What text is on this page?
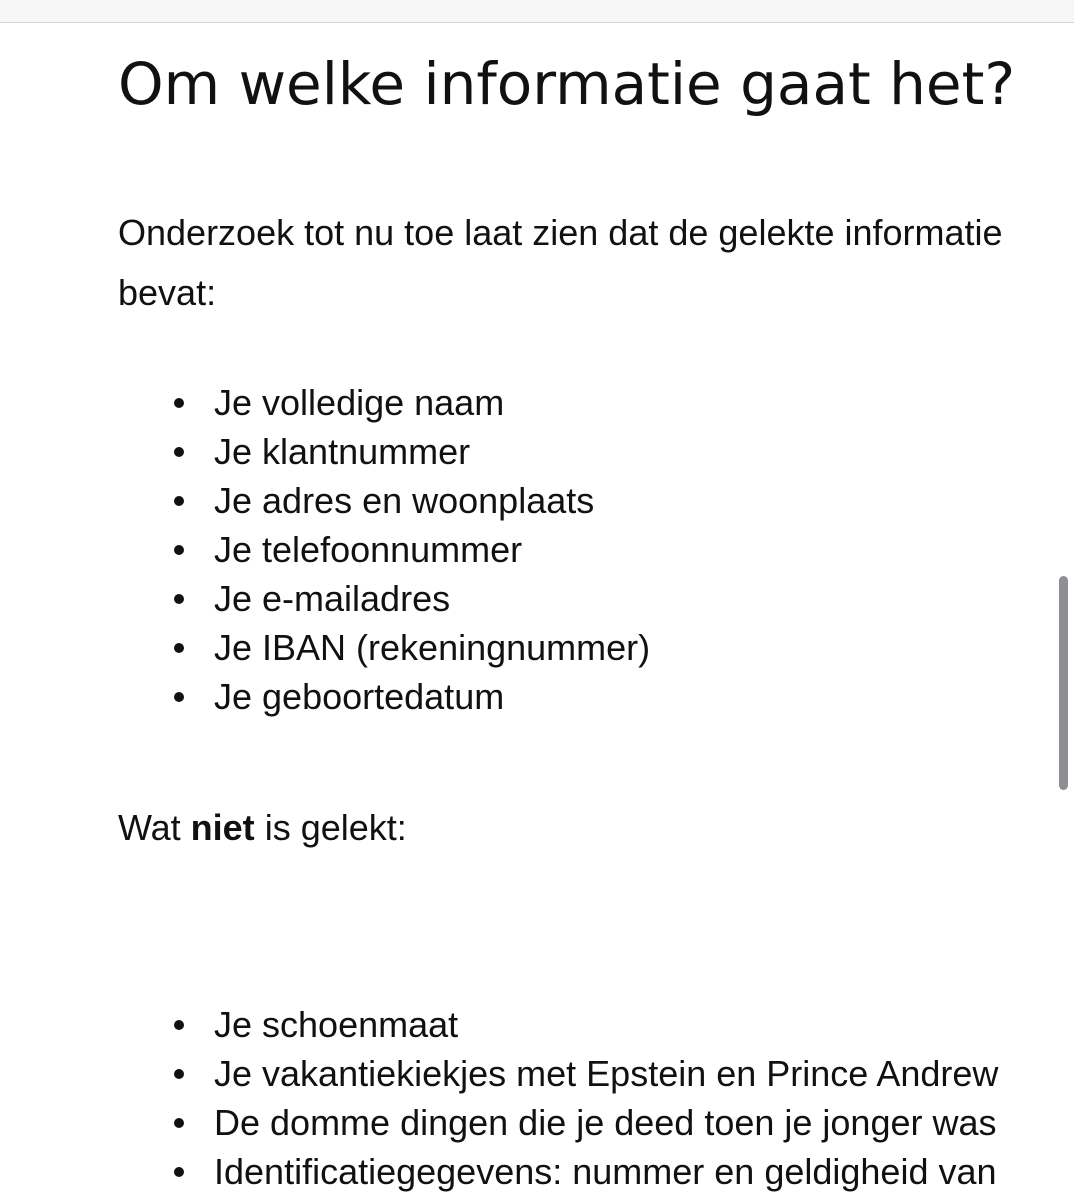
Om welke informatie gaat het?

Onderzoek tot nu toe laat zien dat de gelekte informatie

bevat:

Je volledige naam
Je klantnummer
Je adres en woonplaats
Je telefoonnummer
Je e-mailadres
Je IBAN (rekeningnummer)
Je geboortedatum

Wat niet is gelekt:

Je schoenmaat
Je vakantiekiekjes met Epstein en Prince Andrew
De domme dingen die je deed toen je jonger was
Identificatiegegevens: nummer en geldigheid van
